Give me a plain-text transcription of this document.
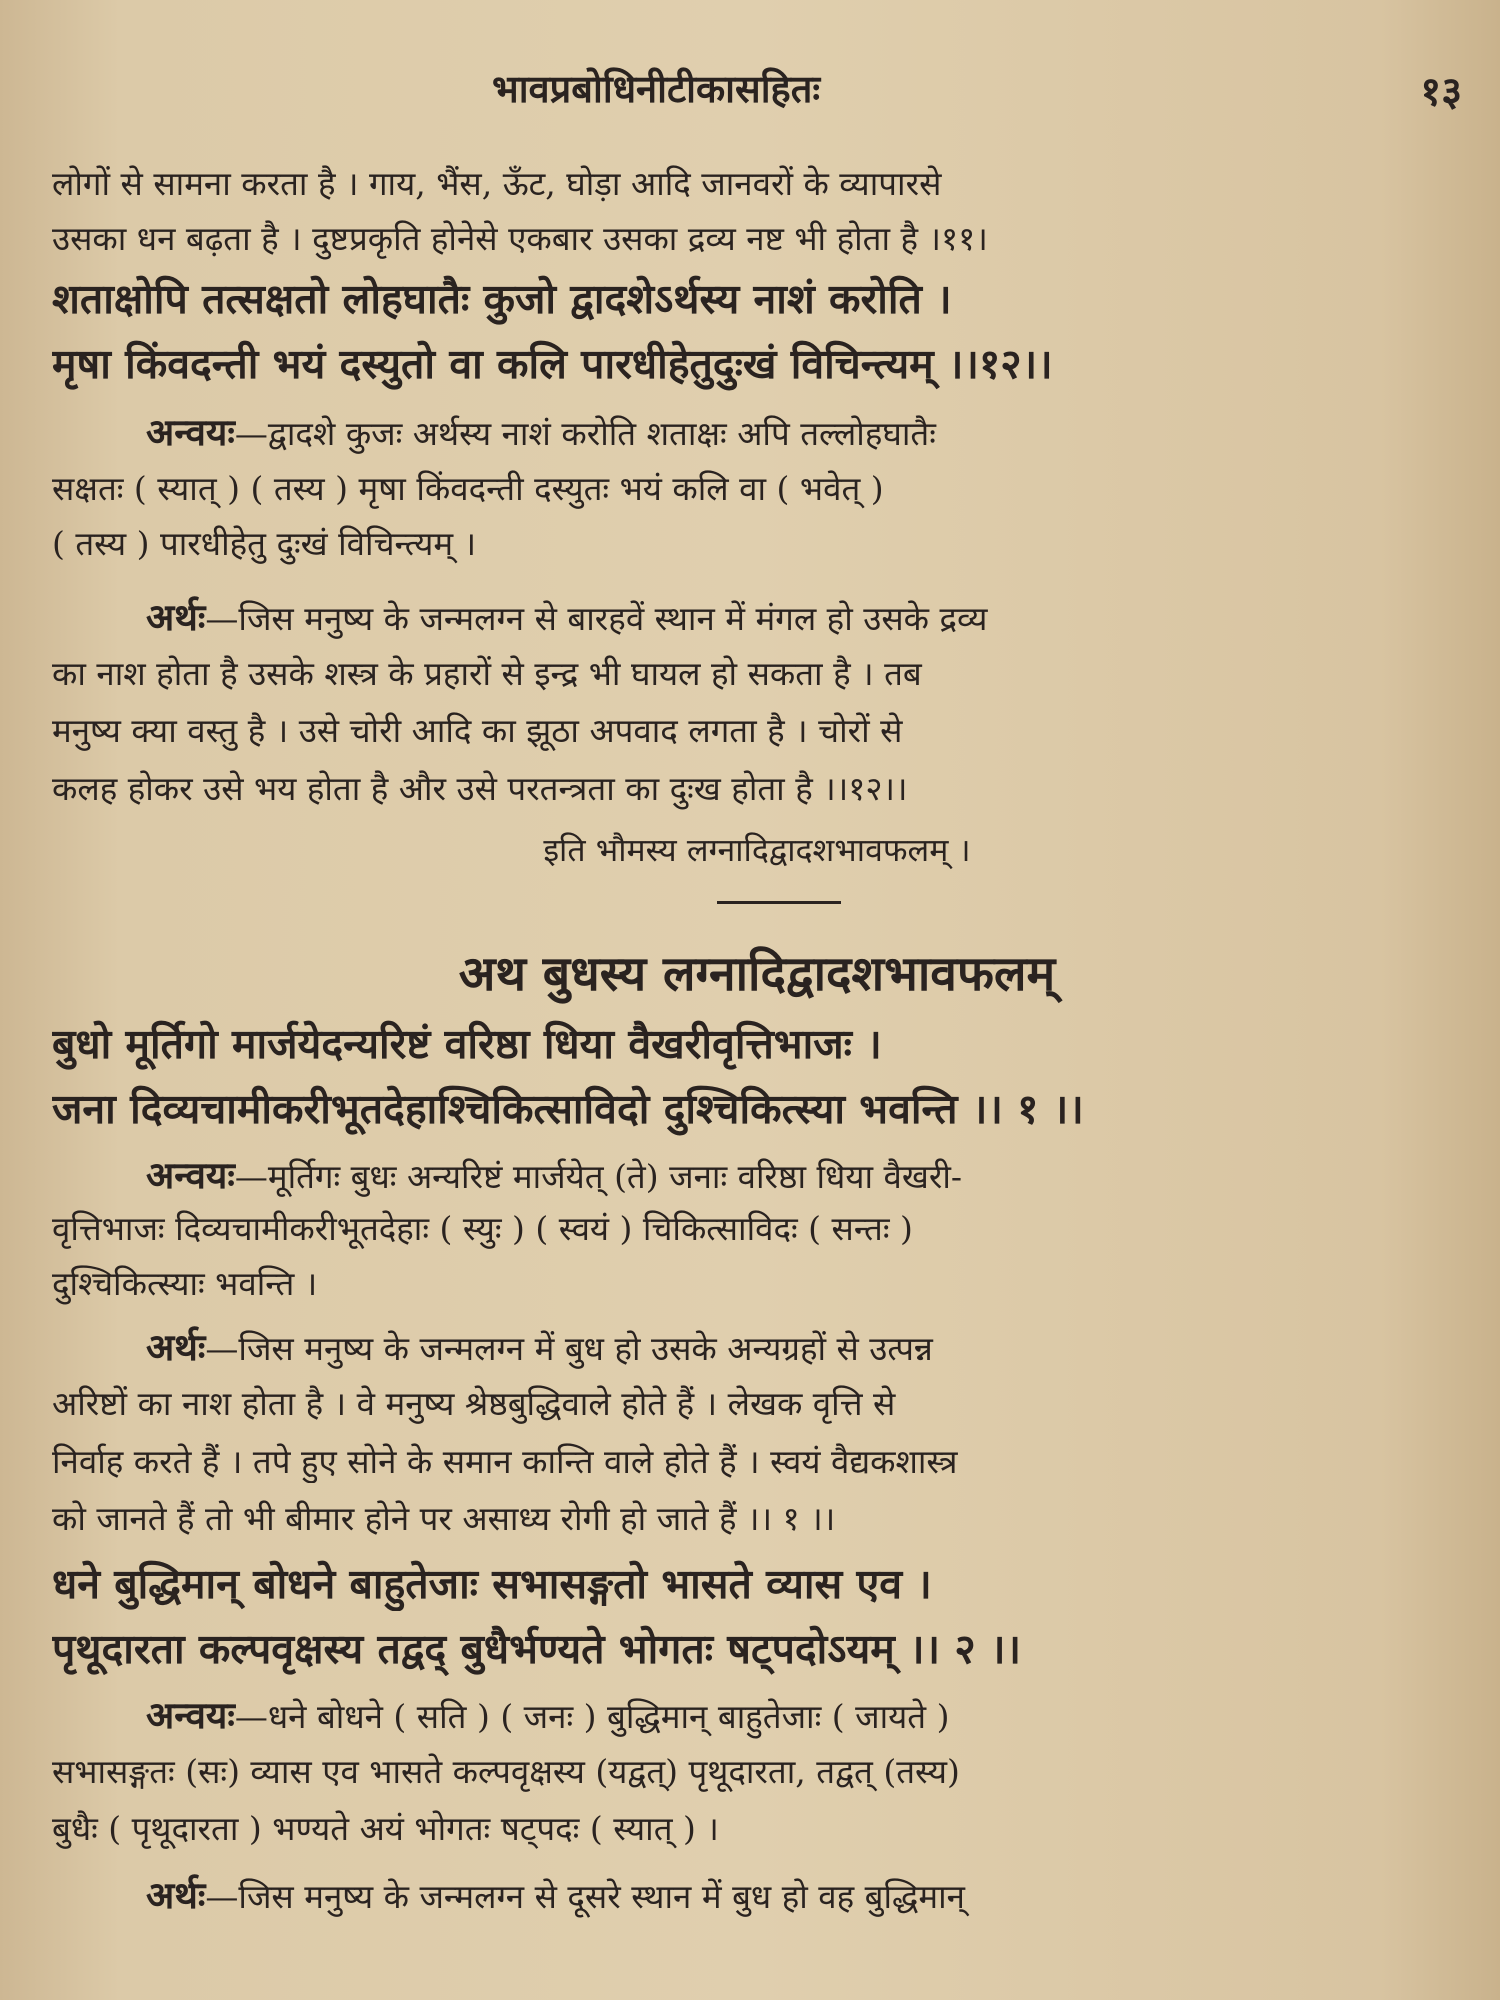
भावप्रबोधिनीटीकासहितः	१३
लोगों से सामना करता है । गाय, भैंस, ऊँट, घोड़ा आदि जानवरों के व्यापारसे
उसका धन बढ़ता है । दुष्टप्रकृति होनेसे एकबार उसका द्रव्य नष्ट भी होता है ।११।
शताक्षोपि तत्सक्षतो लोहघातैः कुजो द्वादशेऽर्थस्य नाशं करोति ।
मृषा किंवदन्ती भयं दस्युतो वा कलि पारधीहेतुदुःखं विचिन्त्यम् ।।१२।।
अन्वयः—द्वादशे कुजः अर्थस्य नाशं करोति शताक्षः अपि तल्लोहघातैः
सक्षतः ( स्यात् ) ( तस्य ) मृषा किंवदन्ती दस्युतः भयं कलि वा ( भवेत् )
( तस्य ) पारधीहेतु दुःखं विचिन्त्यम् ।
अर्थः—जिस मनुष्य के जन्मलग्न से बारहवें स्थान में मंगल हो उसके द्रव्य
का नाश होता है उसके शस्त्र के प्रहारों से इन्द्र भी घायल हो सकता है । तब
मनुष्य क्या वस्तु है । उसे चोरी आदि का झूठा अपवाद लगता है । चोरों से
कलह होकर उसे भय होता है और उसे परतन्त्रता का दुःख होता है ।।१२।।
इति भौमस्य लग्नादिद्वादशभावफलम् ।
अथ बुधस्य लग्नादिद्वादशभावफलम्
बुधो मूर्तिगो मार्जयेदन्यरिष्टं वरिष्ठा धिया वैखरीवृत्तिभाजः ।
जना दिव्यचामीकरीभूतदेहाश्चिकित्साविदो दुश्चिकित्स्या भवन्ति ।। १ ।।
अन्वयः—मूर्तिगः बुधः अन्यरिष्टं मार्जयेत् (ते) जनाः वरिष्ठा धिया वैखरी-
वृत्तिभाजः दिव्यचामीकरीभूतदेहाः ( स्युः ) ( स्वयं ) चिकित्साविदः ( सन्तः )
दुश्चिकित्स्याः भवन्ति ।
अर्थः—जिस मनुष्य के जन्मलग्न में बुध हो उसके अन्यग्रहों से उत्पन्न
अरिष्टों का नाश होता है । वे मनुष्य श्रेष्ठबुद्धिवाले होते हैं । लेखक वृत्ति से
निर्वाह करते हैं । तपे हुए सोने के समान कान्ति वाले होते हैं । स्वयं वैद्यकशास्त्र
को जानते हैं तो भी बीमार होने पर असाध्य रोगी हो जाते हैं ।। १ ।।
धने बुद्धिमान् बोधने बाहुतेजाः सभासङ्गतो भासते व्यास एव ।
पृथूदारता कल्पवृक्षस्य तद्वद् बुधैर्भण्यते भोगतः षट्पदोऽयम् ।। २ ।।
अन्वयः—धने बोधने ( सति ) ( जनः ) बुद्धिमान् बाहुतेजाः ( जायते )
सभासङ्गतः (सः) व्यास एव भासते कल्पवृक्षस्य (यद्वत्) पृथूदारता, तद्वत् (तस्य)
बुधैः ( पृथूदारता ) भण्यते अयं भोगतः षट्पदः ( स्यात् ) ।
अर्थः—जिस मनुष्य के जन्मलग्न से दूसरे स्थान में बुध हो वह बुद्धिमान्
